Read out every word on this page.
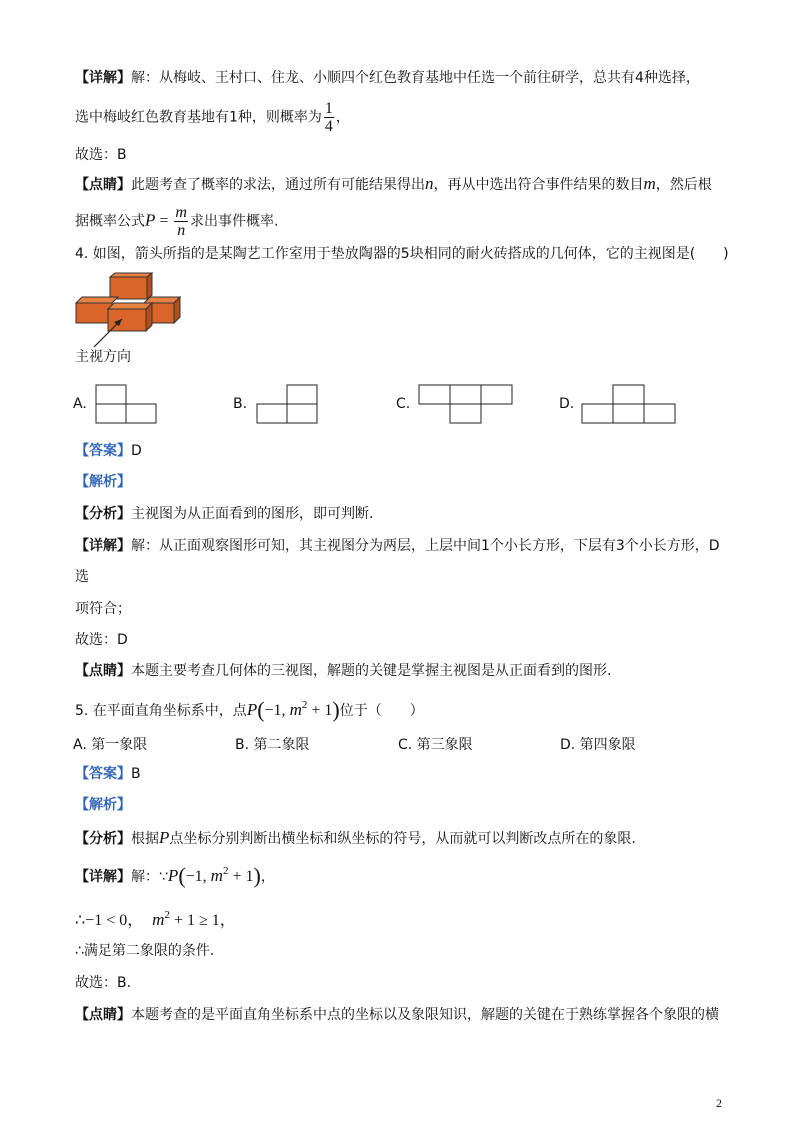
【详解】解：从梅岐、王村口、住龙、小顺四个红色教育基地中任选一个前往研学，总共有4种选择，
选中梅岐红色教育基地有1种，则概率为 $\frac{1}{4}$ ，
故选：B
【点睛】此题考查了概率的求法，通过所有可能结果得出n，再从中选出符合事件结果的数目m，然后根
据概率公式$P = \frac{m}{n}$ 求出事件概率.
4. 如图，箭头所指的是某陶艺工作室用于垫放陶器的5块相同的耐火砖搭成的几何体，它的主视图是(　　)
主视方向
A.	B.	C.	D.
【答案】D
【解析】
【分析】主视图为从正面看到的图形，即可判断.
【详解】解：从正面观察图形可知，其主视图分为两层，上层中间1个小长方形，下层有3个小长方形，D
选
项符合；
故选：D
【点睛】本题主要考查几何体的三视图，解题的关键是掌握主视图是从正面看到的图形.
5. 在平面直角坐标系中，点P(−1, $m^2 + 1$)位于（　　）
A. 第一象限	B. 第二象限	C. 第三象限	D. 第四象限
【答案】B
【解析】
【分析】根据P点坐标分别判断出横坐标和纵坐标的符号，从而就可以判断改点所在的象限.
【详解】解：∵P(−1, $m^2 + 1$)，
∴−1 < 0， $m^2 + 1 \ge 1$，
∴满足第二象限的条件.
故选：B.
【点睛】本题考查的是平面直角坐标系中点的坐标以及象限知识，解题的关键在于熟练掌握各个象限的横
2
